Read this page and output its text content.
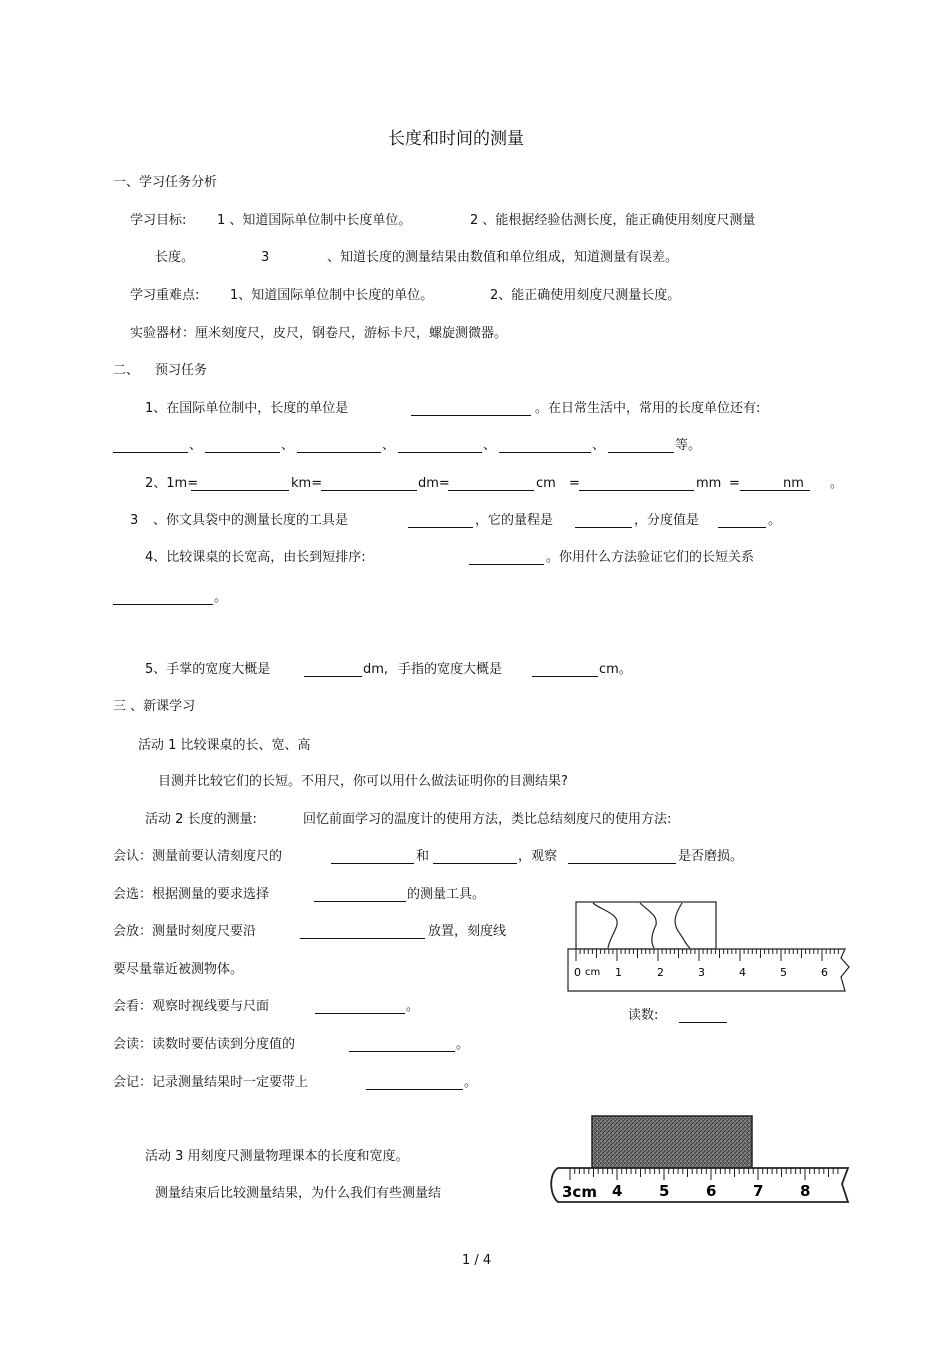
长度和时间的测量
一、学习任务分析
学习目标: 1 、知道国际单位制中长度单位。	2 、能根据经验估测长度，能正确使用刻度尺测量
长度。	3	、知道长度的测量结果由数值和单位组成，知道测量有误差。
学习重难点: 1、知道国际单位制中长度的单位。	2、能正确使用刻度尺测量长度。
实验器材：厘米刻度尺，皮尺，钢卷尺，游标卡尺，螺旋测微器。
二、 预习任务
1、在国际单位制中，长度的单位是	。在日常生活中，常用的长度单位还有:
、	、	、	、	、	等。
2、1m=	km=	dm=	cm =	mm =	nm 。
3 、你文具袋中的测量长度的工具是	，它的量程是	，分度值是	。
4、比较课桌的长宽高，由长到短排序:	。你用什么方法验证它们的长短关系
。
5、手掌的宽度大概是	dm, 手指的宽度大概是	cm。
三 、新课学习
活动 1 比较课桌的长、宽、高
目测并比较它们的长短。不用尺，你可以用什么做法证明你的目测结果?
活动 2 长度的测量:	回忆前面学习的温度计的使用方法，类比总结刻度尺的使用方法:
会认：测量前要认清刻度尺的	和	，观察	是否磨损。
会选：根据测量的要求选择	的测量工具。
会放：测量时刻度尺要沿	放置，刻度线
要尽量靠近被测物体。
会看：观察时视线要与尺面	。
会读：读数时要估读到分度值的	。
会记：记录测量结果时一定要带上	。
读数:
活动 3 用刻度尺测量物理课本的长度和宽度。
测量结束后比较测量结果，为什么我们有些测量结
0 cm 1	2	3	4	5	6
3cm 4 5 6 7 8
1 / 4
